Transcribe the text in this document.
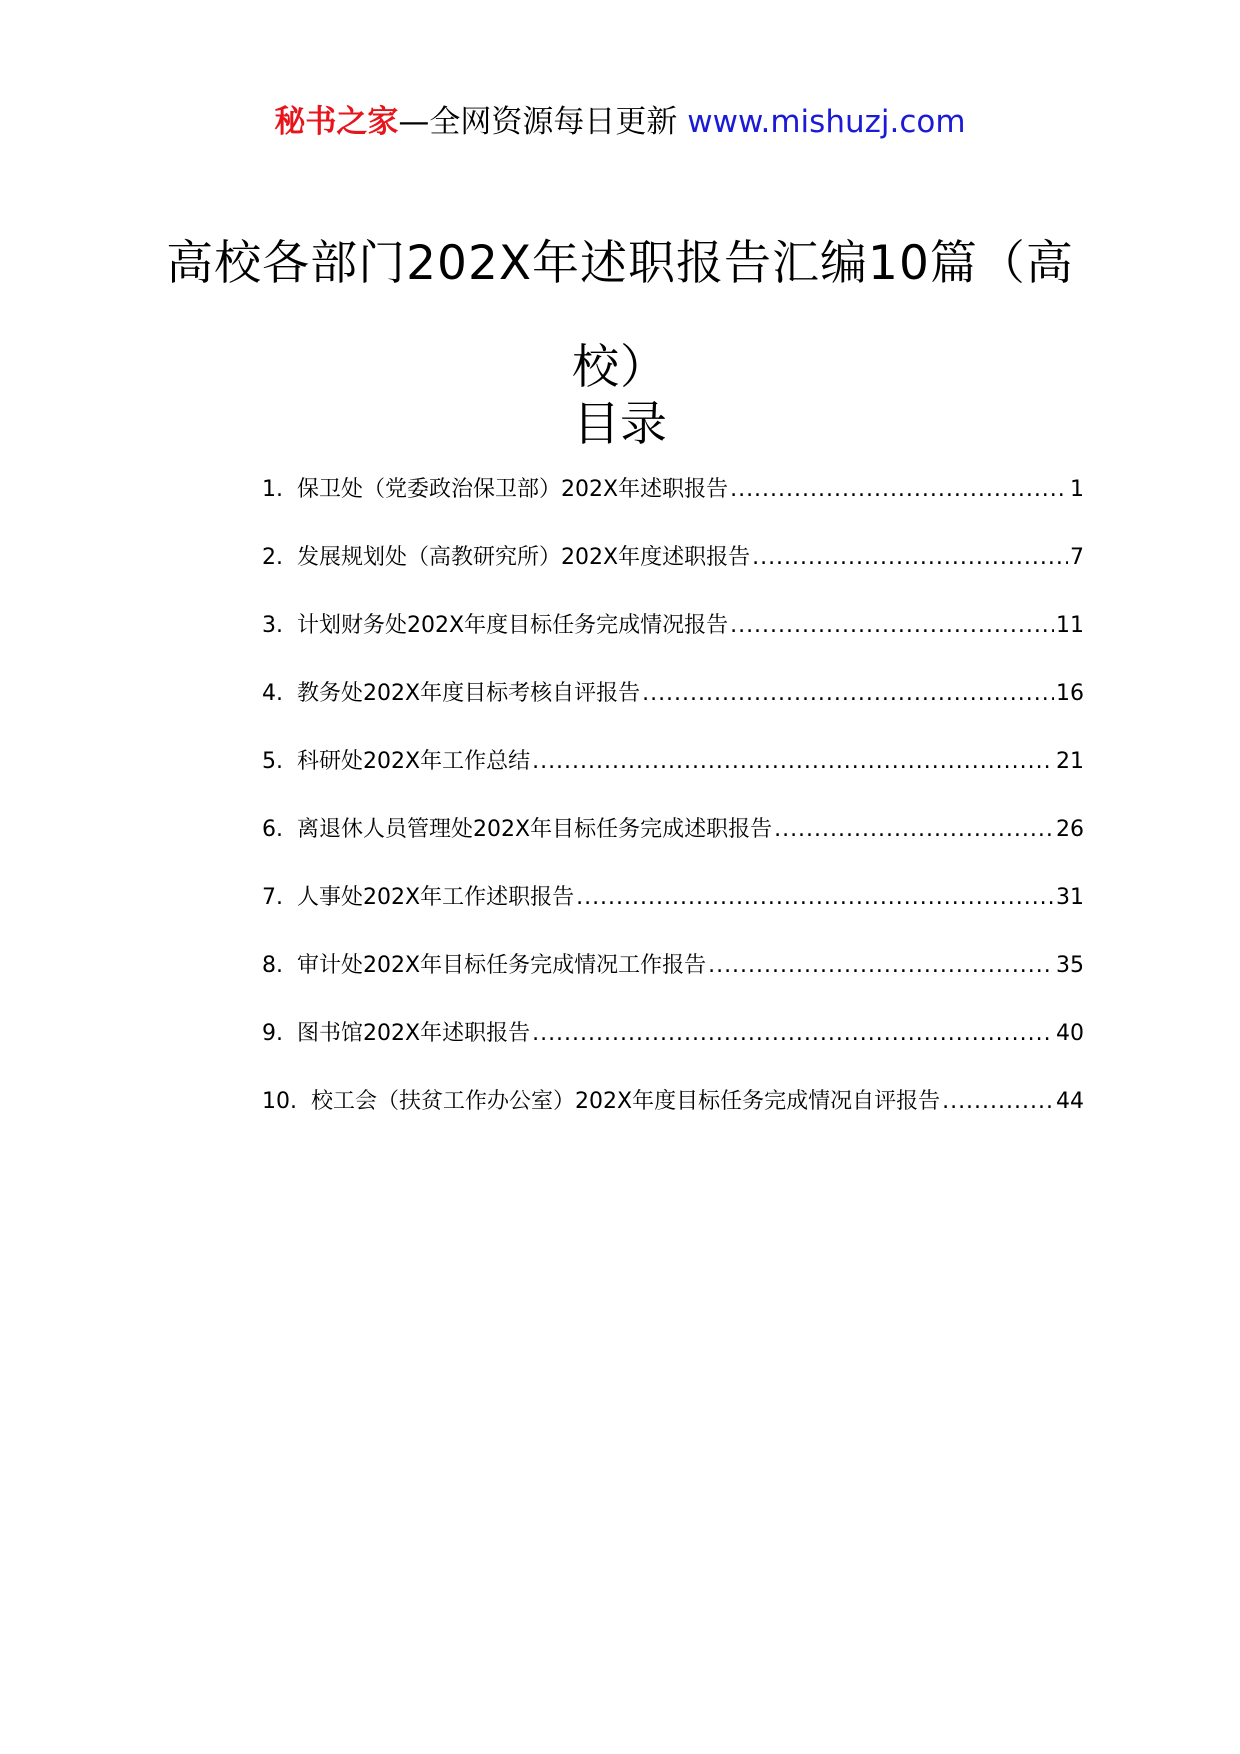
秘书之家—全网资源每日更新 www.mishuzj.com
高校各部门202X年述职报告汇编10篇（高校）
目录
1. 保卫处（党委政治保卫部）202X年述职报告 .....	1
2. 发展规划处（高教研究所）202X年度述职报告 .....	7
3. 计划财务处202X年度目标任务完成情况报告 .....	11
4. 教务处202X年度目标考核自评报告 .....	16
5. 科研处202X年工作总结 .....	21
6. 离退休人员管理处202X年目标任务完成述职报告 .....	26
7. 人事处202X年工作述职报告 .....	31
8. 审计处202X年目标任务完成情况工作报告 .....	35
9. 图书馆202X年述职报告 .....	40
10. 校工会（扶贫工作办公室）202X年度目标任务完成情况自评报告 .....	44
